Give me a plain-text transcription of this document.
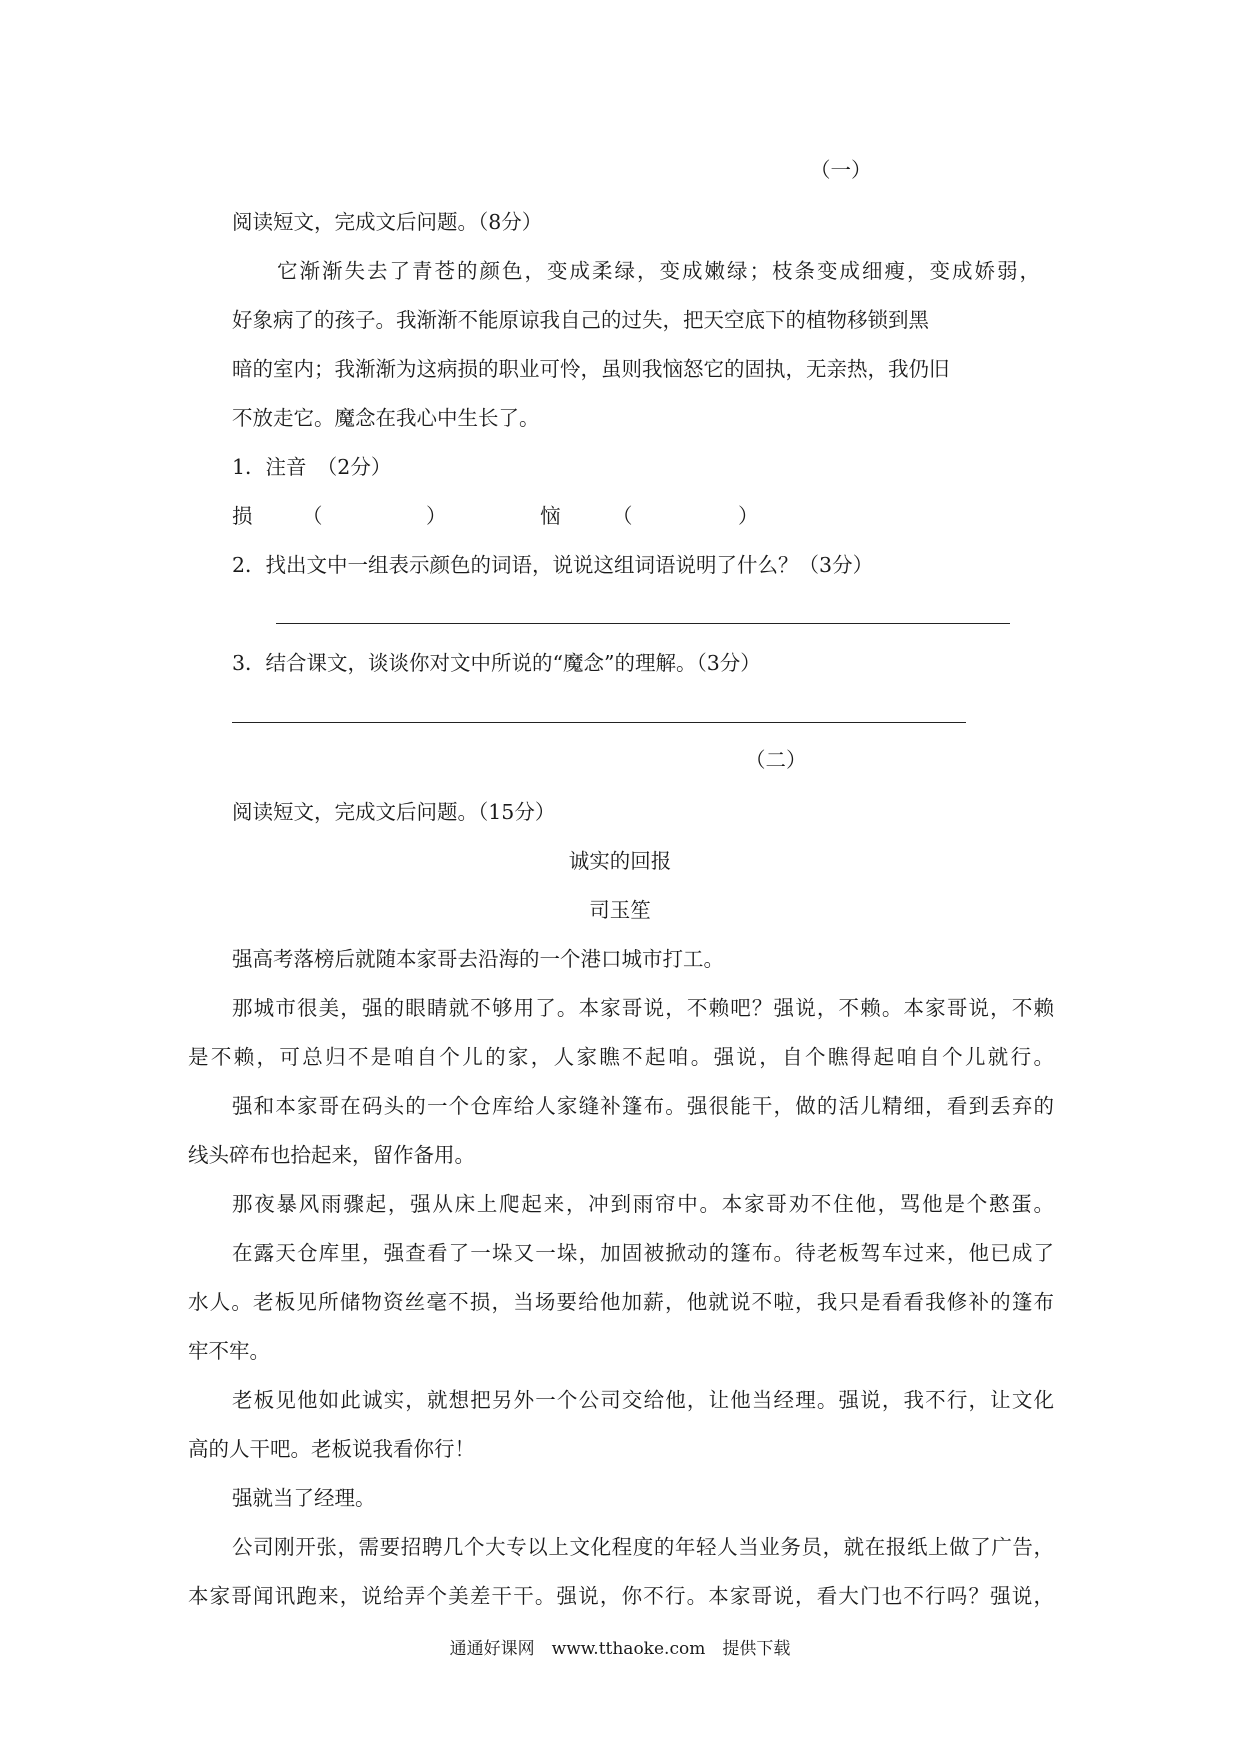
（一）
阅读短文，完成文后问题。（8分）
　　它渐渐失去了青苍的颜色，变成柔绿，变成嫩绿；枝条变成细瘦，变成娇弱，
好象病了的孩子。我渐渐不能原谅我自己的过失，把天空底下的植物移锁到黑
暗的室内；我渐渐为这病损的职业可怜，虽则我恼怒它的固执，无亲热，我仍旧
不放走它。魔念在我心中生长了。
1．注音　（2分）
损 （	）	恼	（	）
2．找出文中一组表示颜色的词语，说说这组词语说明了什么？（3分）
3．结合课文，谈谈你对文中所说的“魔念”的理解。（3分）
（二）
阅读短文，完成文后问题。（15分）
诚实的回报
司玉笙
强高考落榜后就随本家哥去沿海的一个港口城市打工。
那城市很美，强的眼睛就不够用了。本家哥说，不赖吧？强说，不赖。本家哥说，不赖
是不赖，可总归不是咱自个儿的家，人家瞧不起咱。强说，自个瞧得起咱自个儿就行。
强和本家哥在码头的一个仓库给人家缝补篷布。强很能干，做的活儿精细，看到丢弃的
线头碎布也拾起来，留作备用。
那夜暴风雨骤起，强从床上爬起来，冲到雨帘中。本家哥劝不住他，骂他是个憨蛋。
在露天仓库里，强查看了一垛又一垛，加固被掀动的篷布。待老板驾车过来，他已成了
水人。老板见所储物资丝毫不损，当场要给他加薪，他就说不啦，我只是看看我修补的篷布
牢不牢。
老板见他如此诚实，就想把另外一个公司交给他，让他当经理。强说，我不行，让文化
高的人干吧。老板说我看你行！
强就当了经理。
公司刚开张，需要招聘几个大专以上文化程度的年轻人当业务员，就在报纸上做了广告，
本家哥闻讯跑来，说给弄个美差干干。强说，你不行。本家哥说，看大门也不行吗？强说，
通通好课网　www.tthaoke.com　提供下载
